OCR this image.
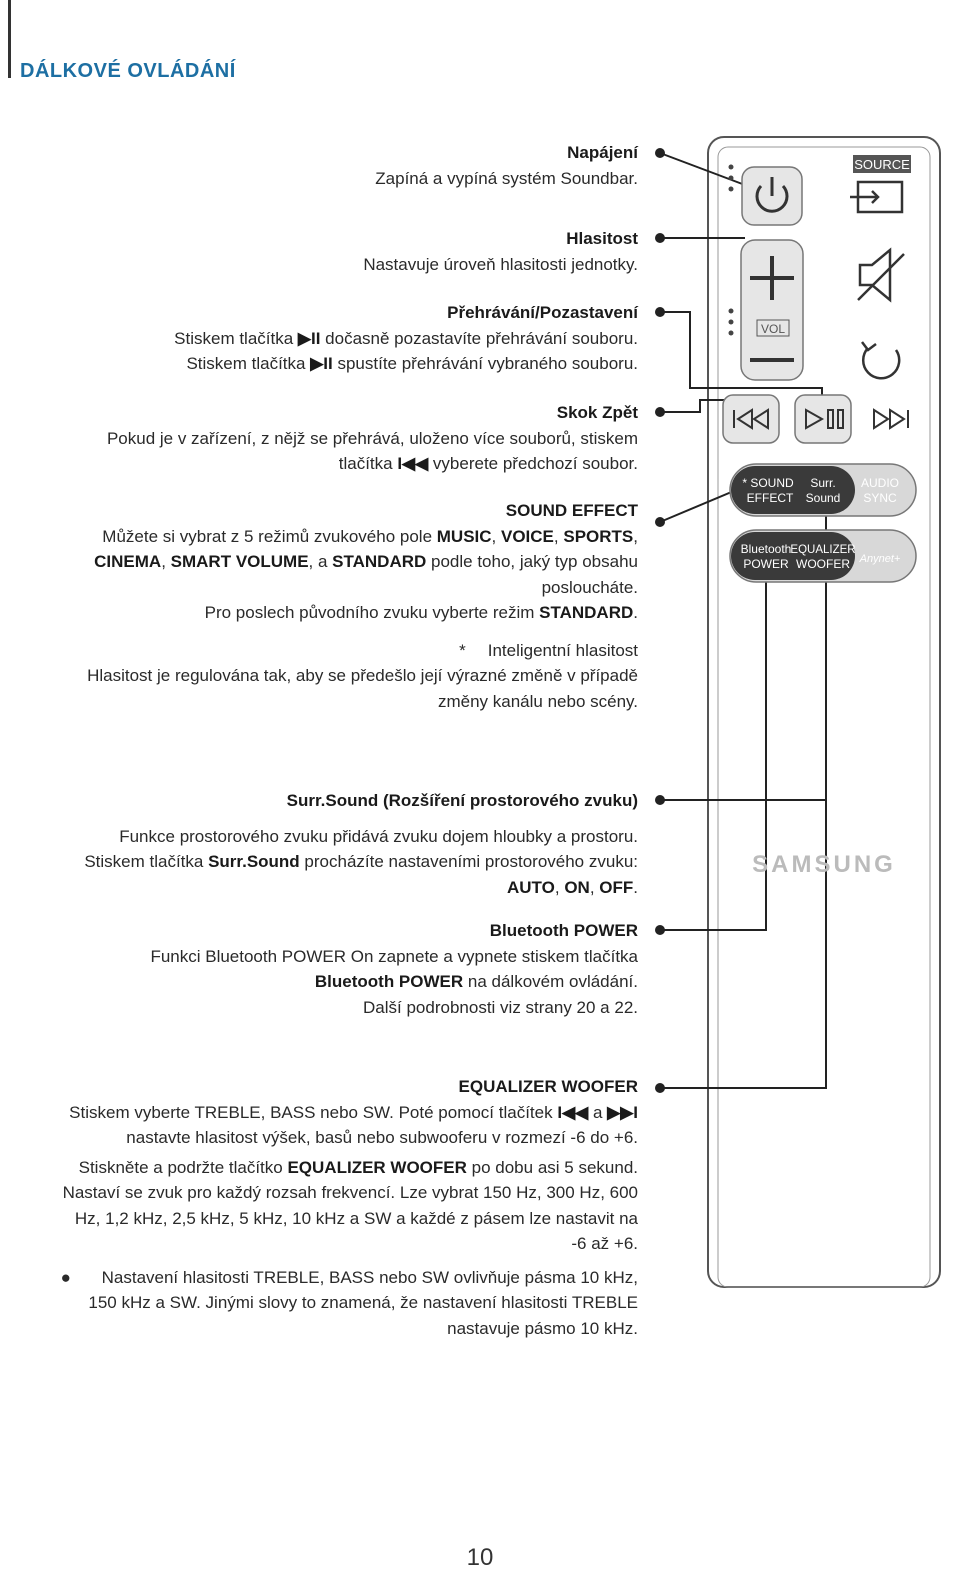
DÁLKOVÉ OVLÁDÁNÍ
Napájení
Zapíná a vypíná systém Soundbar.
Hlasitost
Nastavuje úroveň hlasitosti jednotky.
Přehrávání/Pozastavení
Stiskem tlačítka ▶II dočasně pozastavíte přehrávání souboru.
Stiskem tlačítka ▶II spustíte přehrávání vybraného souboru.
Skok Zpět
Pokud je v zařízení, z nějž se přehrává, uloženo více souborů, stiskem
tlačítka I◀◀ vyberete předchozí soubor.
SOUND EFFECT
Můžete si vybrat z 5 režimů zvukového pole MUSIC, VOICE, SPORTS,
CINEMA, SMART VOLUME, a STANDARD podle toho, jaký typ obsahu
posloucháte.
Pro poslech původního zvuku vyberte režim STANDARD.
* Inteligentní hlasitost
Hlasitost je regulována tak, aby se předešlo její výrazné změně v případě
změny kanálu nebo scény.
Surr.Sound (Rozšíření prostorového zvuku)
Funkce prostorového zvuku přidává zvuku dojem hloubky a prostoru.
Stiskem tlačítka Surr.Sound procházíte nastaveními prostorového zvuku:
AUTO, ON, OFF.
Bluetooth POWER
Funkci Bluetooth POWER On zapnete a vypnete stiskem tlačítka
Bluetooth POWER na dálkovém ovládání.
Další podrobnosti viz strany 20 a 22.
EQUALIZER WOOFER
Stiskem vyberte TREBLE, BASS nebo SW. Poté pomocí tlačítek I◀◀ a ▶▶I
nastavte hlasitost výšek, basů nebo subwooferu v rozmezí -6 do +6.
Stiskněte a podržte tlačítko EQUALIZER WOOFER po dobu asi 5 sekund.
Nastaví se zvuk pro každý rozsah frekvencí. Lze vybrat 150 Hz, 300 Hz, 600
Hz, 1,2 kHz, 2,5 kHz, 5 kHz, 10 kHz a SW a každé z pásem lze nastavit na
-6 až +6.
● Nastavení hlasitosti TREBLE, BASS nebo SW ovlivňuje pásma 10 kHz,
150 kHz a SW. Jinými slovy to znamená, že nastavení hlasitosti TREBLE
nastavuje pásmo 10 kHz.
SOURCE
VOL
* SOUND
EFFECT
Surr.
Sound
AUDIO
SYNC
Bluetooth
POWER
EQUALIZER
WOOFER Anynet+
SAMSUNG
10
